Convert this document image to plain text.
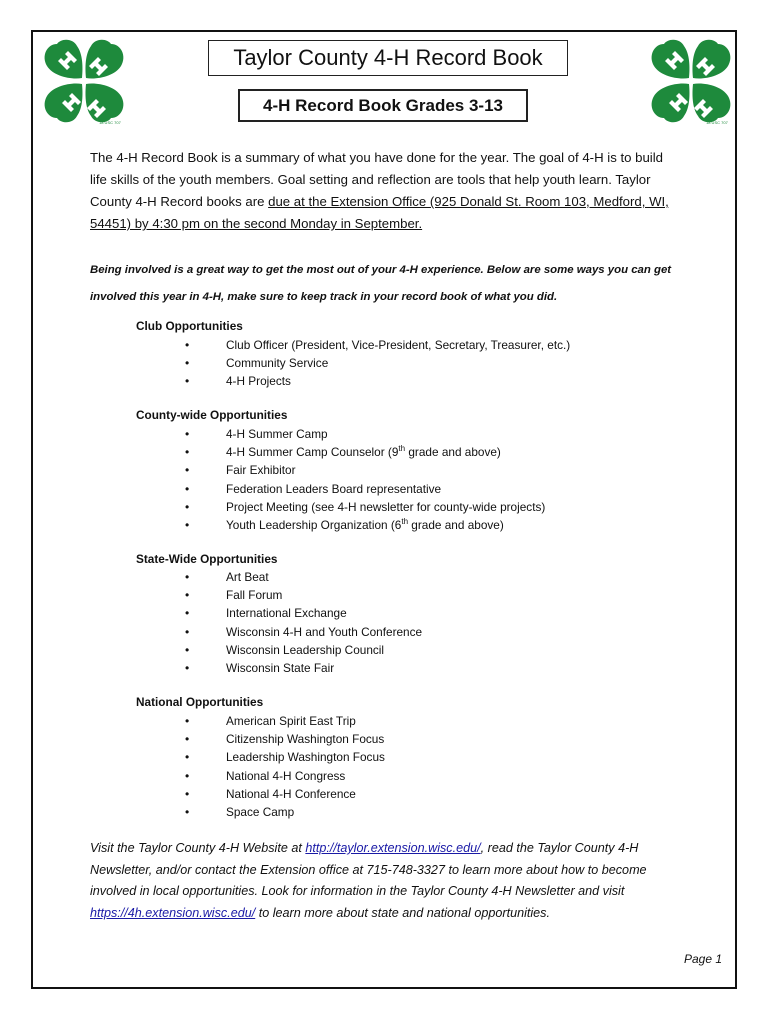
18 USC 707	18 USC 707
Taylor County 4-H Record Book
4-H Record Book Grades 3-13
The 4-H Record Book is a summary of what you have done for the year. The goal of 4-H is to build life skills of the youth members. Goal setting and reflection are tools that help youth learn. Taylor County 4-H Record books are due at the Extension Office (925 Donald St. Room 103, Medford, WI, 54451) by 4:30 pm on the second Monday in September.
Being involved is a great way to get the most out of your 4-H experience. Below are some ways you can get involved this year in 4-H, make sure to keep track in your record book of what you did.
Club Opportunities
•	Club Officer (President, Vice-President, Secretary, Treasurer, etc.)
•	Community Service
•	4-H Projects
County-wide Opportunities
•	4-H Summer Camp
•	4-H Summer Camp Counselor (9th grade and above)
•	Fair Exhibitor
•	Federation Leaders Board representative
•	Project Meeting (see 4-H newsletter for county-wide projects)
•	Youth Leadership Organization (6th grade and above)
State-Wide Opportunities
•	Art Beat
•	Fall Forum
•	International Exchange
•	Wisconsin 4-H and Youth Conference
•	Wisconsin Leadership Council
•	Wisconsin State Fair
National Opportunities
•	American Spirit East Trip
•	Citizenship Washington Focus
•	Leadership Washington Focus
•	National 4-H Congress
•	National 4-H Conference
•	Space Camp
Visit the Taylor County 4-H Website at http://taylor.extension.wisc.edu/, read the Taylor County 4-H Newsletter, and/or contact the Extension office at 715-748-3327 to learn more about how to become involved in local opportunities. Look for information in the Taylor County 4-H Newsletter and visit https://4h.extension.wisc.edu/ to learn more about state and national opportunities.
Page 1
